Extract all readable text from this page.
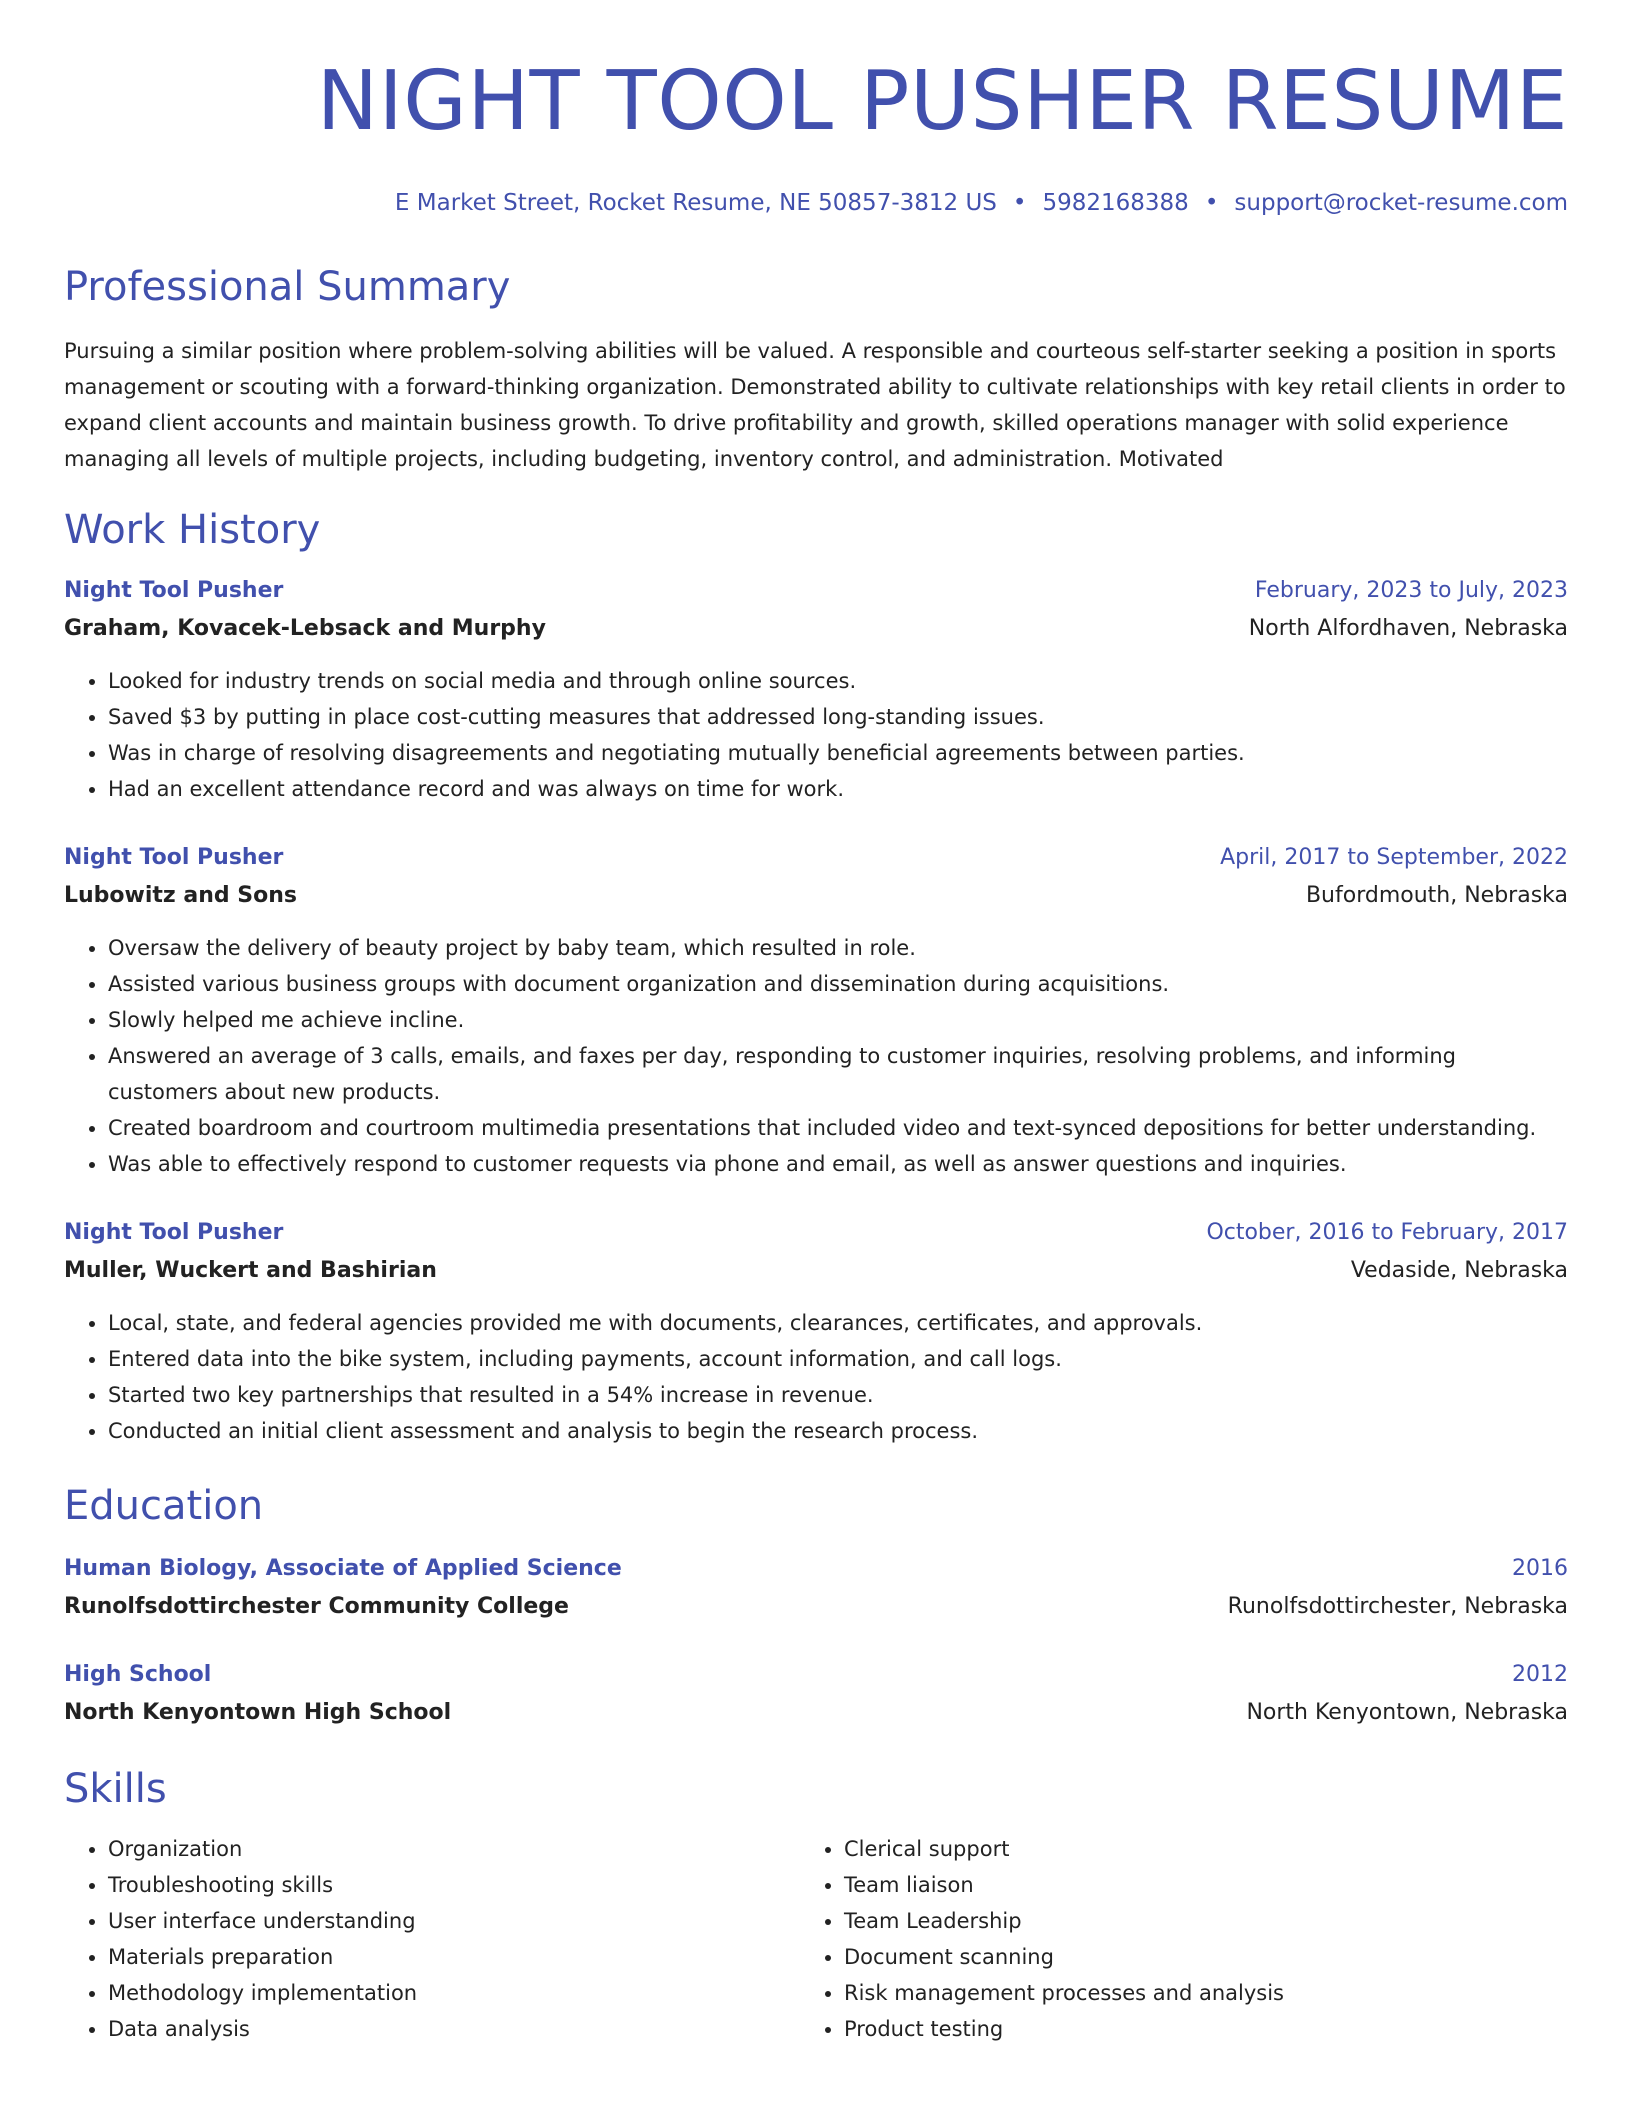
NIGHT TOOL PUSHER RESUME
E Market Street, Rocket Resume, NE 50857-3812 US • 5982168388 • support@rocket-resume.com
Professional Summary
Pursuing a similar position where problem-solving abilities will be valued. A responsible and courteous self-starter seeking a position in sports management or scouting with a forward-thinking organization. Demonstrated ability to cultivate relationships with key retail clients in order to expand client accounts and maintain business growth. To drive profitability and growth, skilled operations manager with solid experience managing all levels of multiple projects, including budgeting, inventory control, and administration. Motivated
Work History
Night Tool Pusher	February, 2023 to July, 2023
Graham, Kovacek-Lebsack and Murphy	North Alfordhaven, Nebraska
• Looked for industry trends on social media and through online sources.
• Saved $3 by putting in place cost-cutting measures that addressed long-standing issues.
• Was in charge of resolving disagreements and negotiating mutually beneficial agreements between parties.
• Had an excellent attendance record and was always on time for work.
Night Tool Pusher	April, 2017 to September, 2022
Lubowitz and Sons	Bufordmouth, Nebraska
• Oversaw the delivery of beauty project by baby team, which resulted in role.
• Assisted various business groups with document organization and dissemination during acquisitions.
• Slowly helped me achieve incline.
• Answered an average of 3 calls, emails, and faxes per day, responding to customer inquiries, resolving problems, and informing customers about new products.
• Created boardroom and courtroom multimedia presentations that included video and text-synced depositions for better understanding.
• Was able to effectively respond to customer requests via phone and email, as well as answer questions and inquiries.
Night Tool Pusher	October, 2016 to February, 2017
Muller, Wuckert and Bashirian	Vedaside, Nebraska
• Local, state, and federal agencies provided me with documents, clearances, certificates, and approvals.
• Entered data into the bike system, including payments, account information, and call logs.
• Started two key partnerships that resulted in a 54% increase in revenue.
• Conducted an initial client assessment and analysis to begin the research process.
Education
Human Biology, Associate of Applied Science	2016
Runolfsdottirchester Community College	Runolfsdottirchester, Nebraska
High School	2012
North Kenyontown High School	North Kenyontown, Nebraska
Skills
• Organization
• Troubleshooting skills
• User interface understanding
• Materials preparation
• Methodology implementation
• Data analysis
• Clerical support
• Team liaison
• Team Leadership
• Document scanning
• Risk management processes and analysis
• Product testing
